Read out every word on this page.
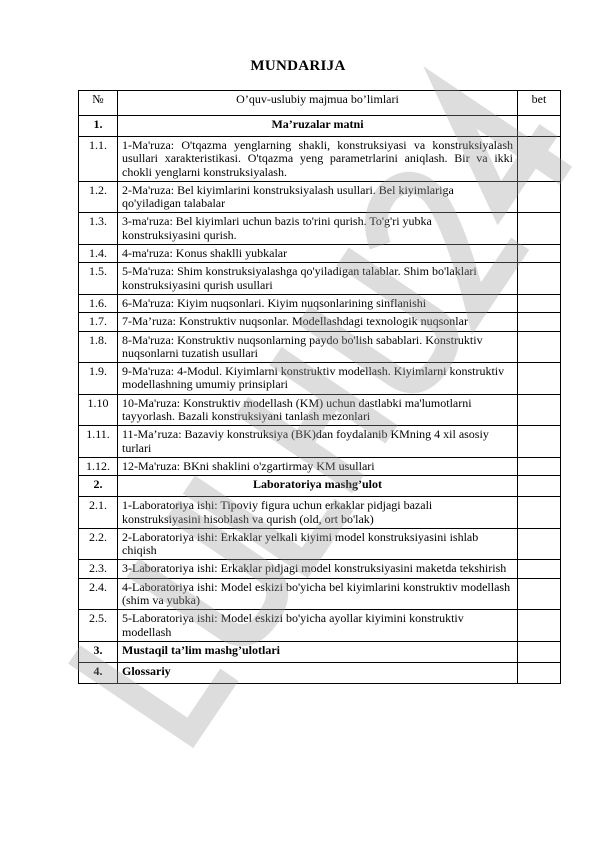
MUNDARIJA
№	O’quv-uslubiy majmua bo’limlari	bet
1.	Ma’ruzalar matni	
1.1.	1-Ma'ruza: O'tqazma yenglarning shakli, konstruksiyasi va konstruksiyalash usullari xarakteristikasi. O'tqazma yeng parametrlarini aniqlash. Bir va ikki chokli yenglarni konstruksiyalash.	
1.2.	2-Ma'ruza: Bel kiyimlarini konstruksiyalash usullari. Bel kiyimlariga qo'yiladigan talabalar	
1.3.	3-ma'ruza: Bel kiyimlari uchun bazis to'rini qurish. To'g'ri yubka konstruksiyasini qurish.	
1.4.	4-ma'ruza: Konus shaklli yubkalar	
1.5.	5-Ma'ruza: Shim konstruksiyalashga qo'yiladigan talablar. Shim bo'laklari konstruksiyasini qurish usullari	
1.6.	6-Ma'ruza: Kiyim nuqsonlari. Kiyim nuqsonlarining sinflanishi	
1.7.	7-Ma’ruza: Konstruktiv nuqsonlar. Modellashdagi texnologik nuqsonlar	
1.8.	8-Ma'ruza: Konstruktiv nuqsonlarning paydo bo'lish sabablari. Konstruktiv nuqsonlarni tuzatish usullari	
1.9.	9-Ma'ruza: 4-Modul. Kiyimlarni konstruktiv modellash. Kiyimlarni konstruktiv modellashning umumiy prinsiplari	
1.10	10-Ma'ruza: Konstruktiv modellash (KM) uchun dastlabki ma'lumotlarni tayyorlash. Bazali konstruksiyani tanlash mezonlari	
1.11.	11-Ma’ruza: Bazaviy konstruksiya (BK)dan foydalanib KMning 4 xil asosiy turlari	
1.12.	12-Ma'ruza: BKni shaklini o'zgartirmay KM usullari	
2.	Laboratoriya mashg’ulot	
2.1.	1-Laboratoriya ishi: Tipoviy figura uchun erkaklar pidjagi bazali konstruksiyasini hisoblash va qurish (old, ort bo'lak)	
2.2.	2-Laboratoriya ishi: Erkaklar yelkali kiyimi model konstruksiyasini ishlab chiqish	
2.3.	3-Laboratoriya ishi: Erkaklar pidjagi model konstruksiyasini maketda tekshirish	
2.4.	4-Laboratoriya ishi: Model eskizi bo'yicha bel kiyimlarini konstruktiv modellash (shim va yubka)	
2.5.	5-Laboratoriya ishi: Model eskizi bo'yicha ayollar kiyimini konstruktiv modellash	
3.	Mustaqil ta’lim mashg’ulotlari	
4.	Glossariy	
